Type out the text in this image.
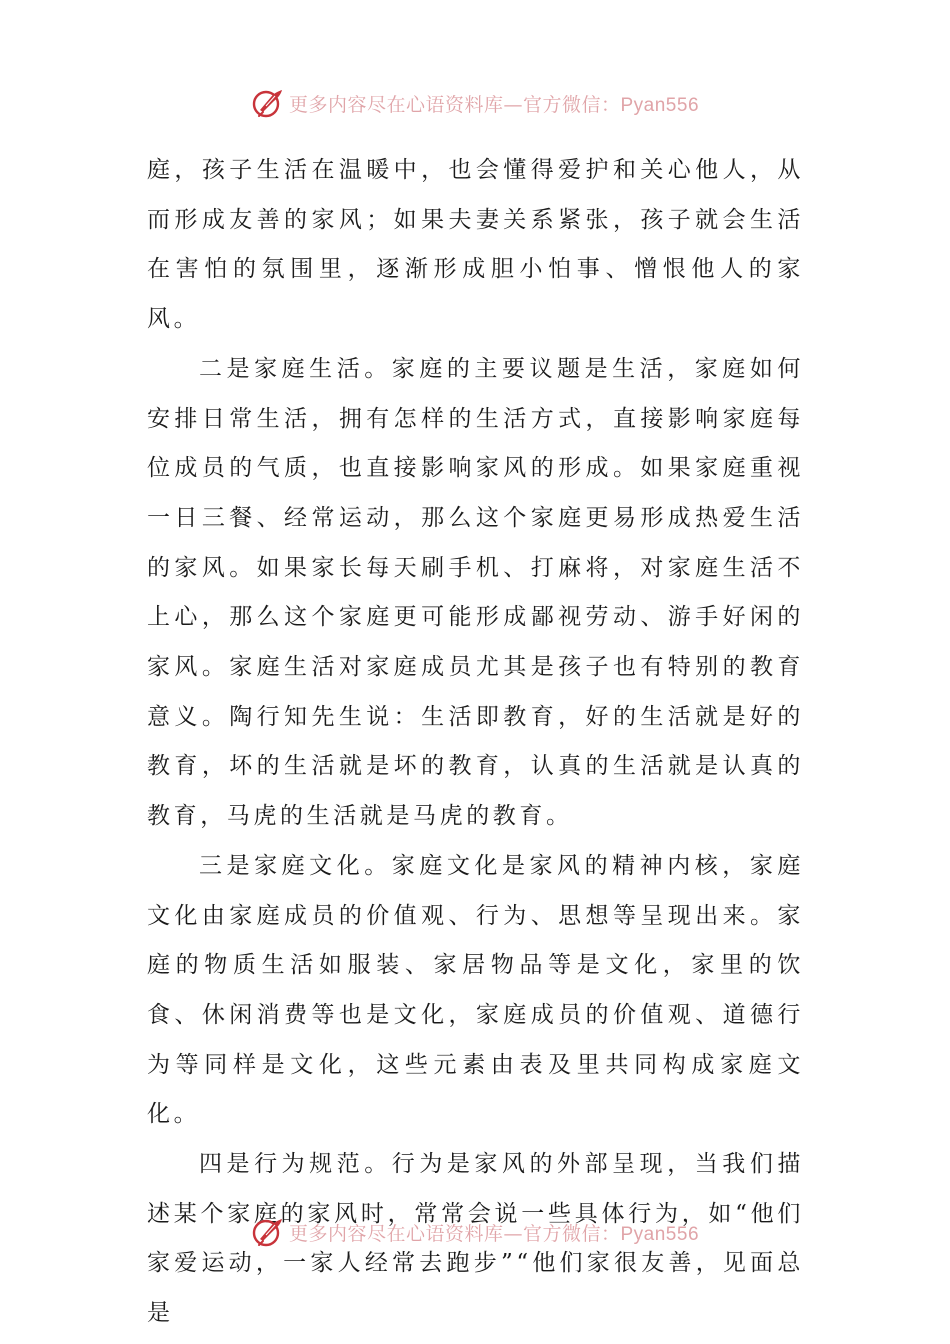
更多内容尽在心语资料库—官方微信：Pyan556

庭，孩子生活在温暖中，也会懂得爱护和关心他人，从而形成友善的家风；如果夫妻关系紧张，孩子就会生活在害怕的氛围里，逐渐形成胆小怕事、憎恨他人的家风。

二是家庭生活。家庭的主要议题是生活，家庭如何安排日常生活，拥有怎样的生活方式，直接影响家庭每位成员的气质，也直接影响家风的形成。如果家庭重视一日三餐、经常运动，那么这个家庭更易形成热爱生活的家风。如果家长每天刷手机、打麻将，对家庭生活不上心，那么这个家庭更可能形成鄙视劳动、游手好闲的家风。家庭生活对家庭成员尤其是孩子也有特别的教育意义。陶行知先生说：生活即教育，好的生活就是好的教育，坏的生活就是坏的教育，认真的生活就是认真的教育，马虎的生活就是马虎的教育。

三是家庭文化。家庭文化是家风的精神内核，家庭文化由家庭成员的价值观、行为、思想等呈现出来。家庭的物质生活如服装、家居物品等是文化，家里的饮食、休闲消费等也是文化，家庭成员的价值观、道德行为等同样是文化，这些元素由表及里共同构成家庭文化。

四是行为规范。行为是家风的外部呈现，当我们描述某个家庭的家风时，常常会说一些具体行为，如“他们家爱运动，一家人经常去跑步”“他们家很友善，见面总是

更多内容尽在心语资料库—官方微信：Pyan556
